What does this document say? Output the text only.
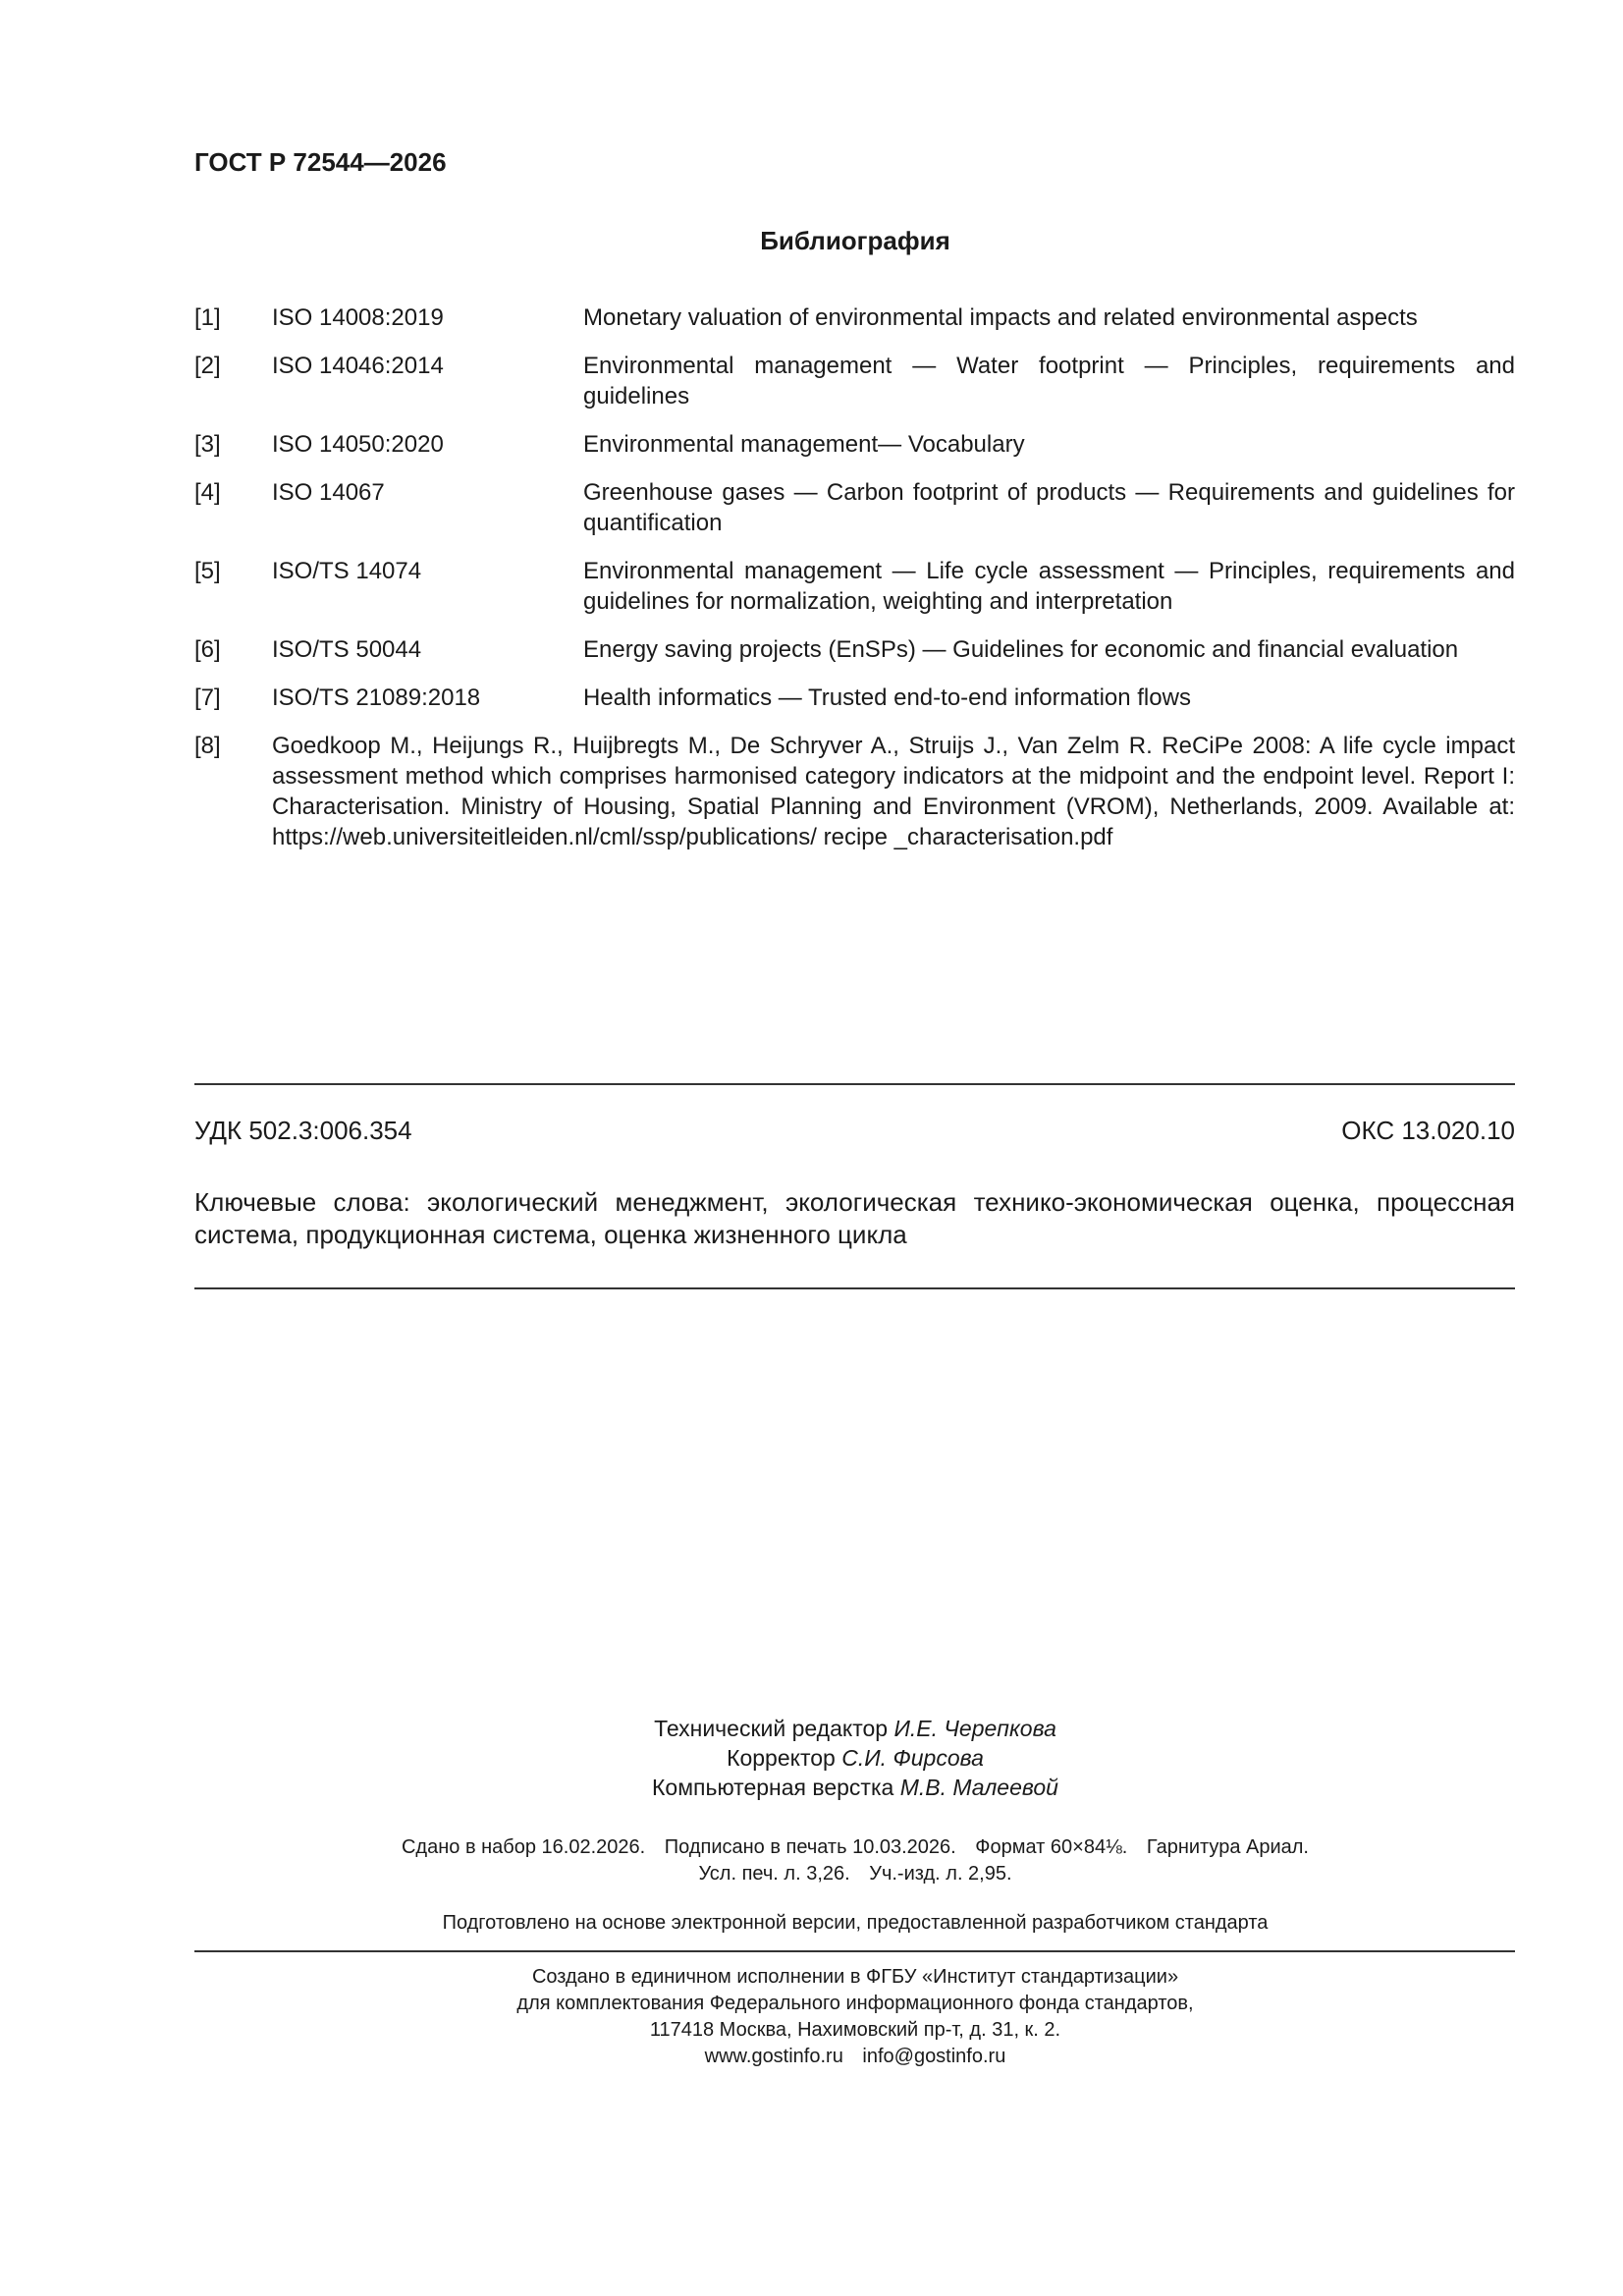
ГОСТ Р 72544—2026
Библиография
[1] ISO 14008:2019	Monetary valuation of environmental impacts and related environmental aspects
[2] ISO 14046:2014	Environmental management — Water footprint — Principles, requirements and guidelines
[3] ISO 14050:2020	Environmental management— Vocabulary
[4] ISO 14067	Greenhouse gases — Carbon footprint of products — Requirements and guidelines for quantification
[5] ISO/TS 14074	Environmental management — Life cycle assessment — Principles, requirements and guidelines for normalization, weighting and interpretation
[6] ISO/TS 50044	Energy saving projects (EnSPs) — Guidelines for economic and financial evaluation
[7] ISO/TS 21089:2018	Health informatics — Trusted end-to-end information flows
[8] Goedkoop M., Heijungs R., Huijbregts M., De Schryver A., Struijs J., Van Zelm R. ReCiPe 2008: A life cycle impact assessment method which comprises harmonised category indicators at the midpoint and the endpoint level. Report I: Characterisation. Ministry of Housing, Spatial Planning and Environment (VROM), Netherlands, 2009. Available at: https://web.universiteitleiden.nl/cml/ssp/publications/ recipe _characterisation.pdf
УДК 502.3:006.354	ОКС 13.020.10
Ключевые слова: экологический менеджмент, экологическая технико-экономическая оценка, процессная система, продукционная система, оценка жизненного цикла
Технический редактор И.Е. Черепкова
Корректор С.И. Фирсова
Компьютерная верстка М.В. Малеевой
Сдано в набор 16.02.2026. Подписано в печать 10.03.2026. Формат 60×84⅛. Гарнитура Ариал.
Усл. печ. л. 3,26. Уч.-изд. л. 2,95.
Подготовлено на основе электронной версии, предоставленной разработчиком стандарта
Создано в единичном исполнении в ФГБУ «Институт стандартизации»
для комплектования Федерального информационного фонда стандартов,
117418 Москва, Нахимовский пр-т, д. 31, к. 2.
www.gostinfo.ru info@gostinfo.ru
